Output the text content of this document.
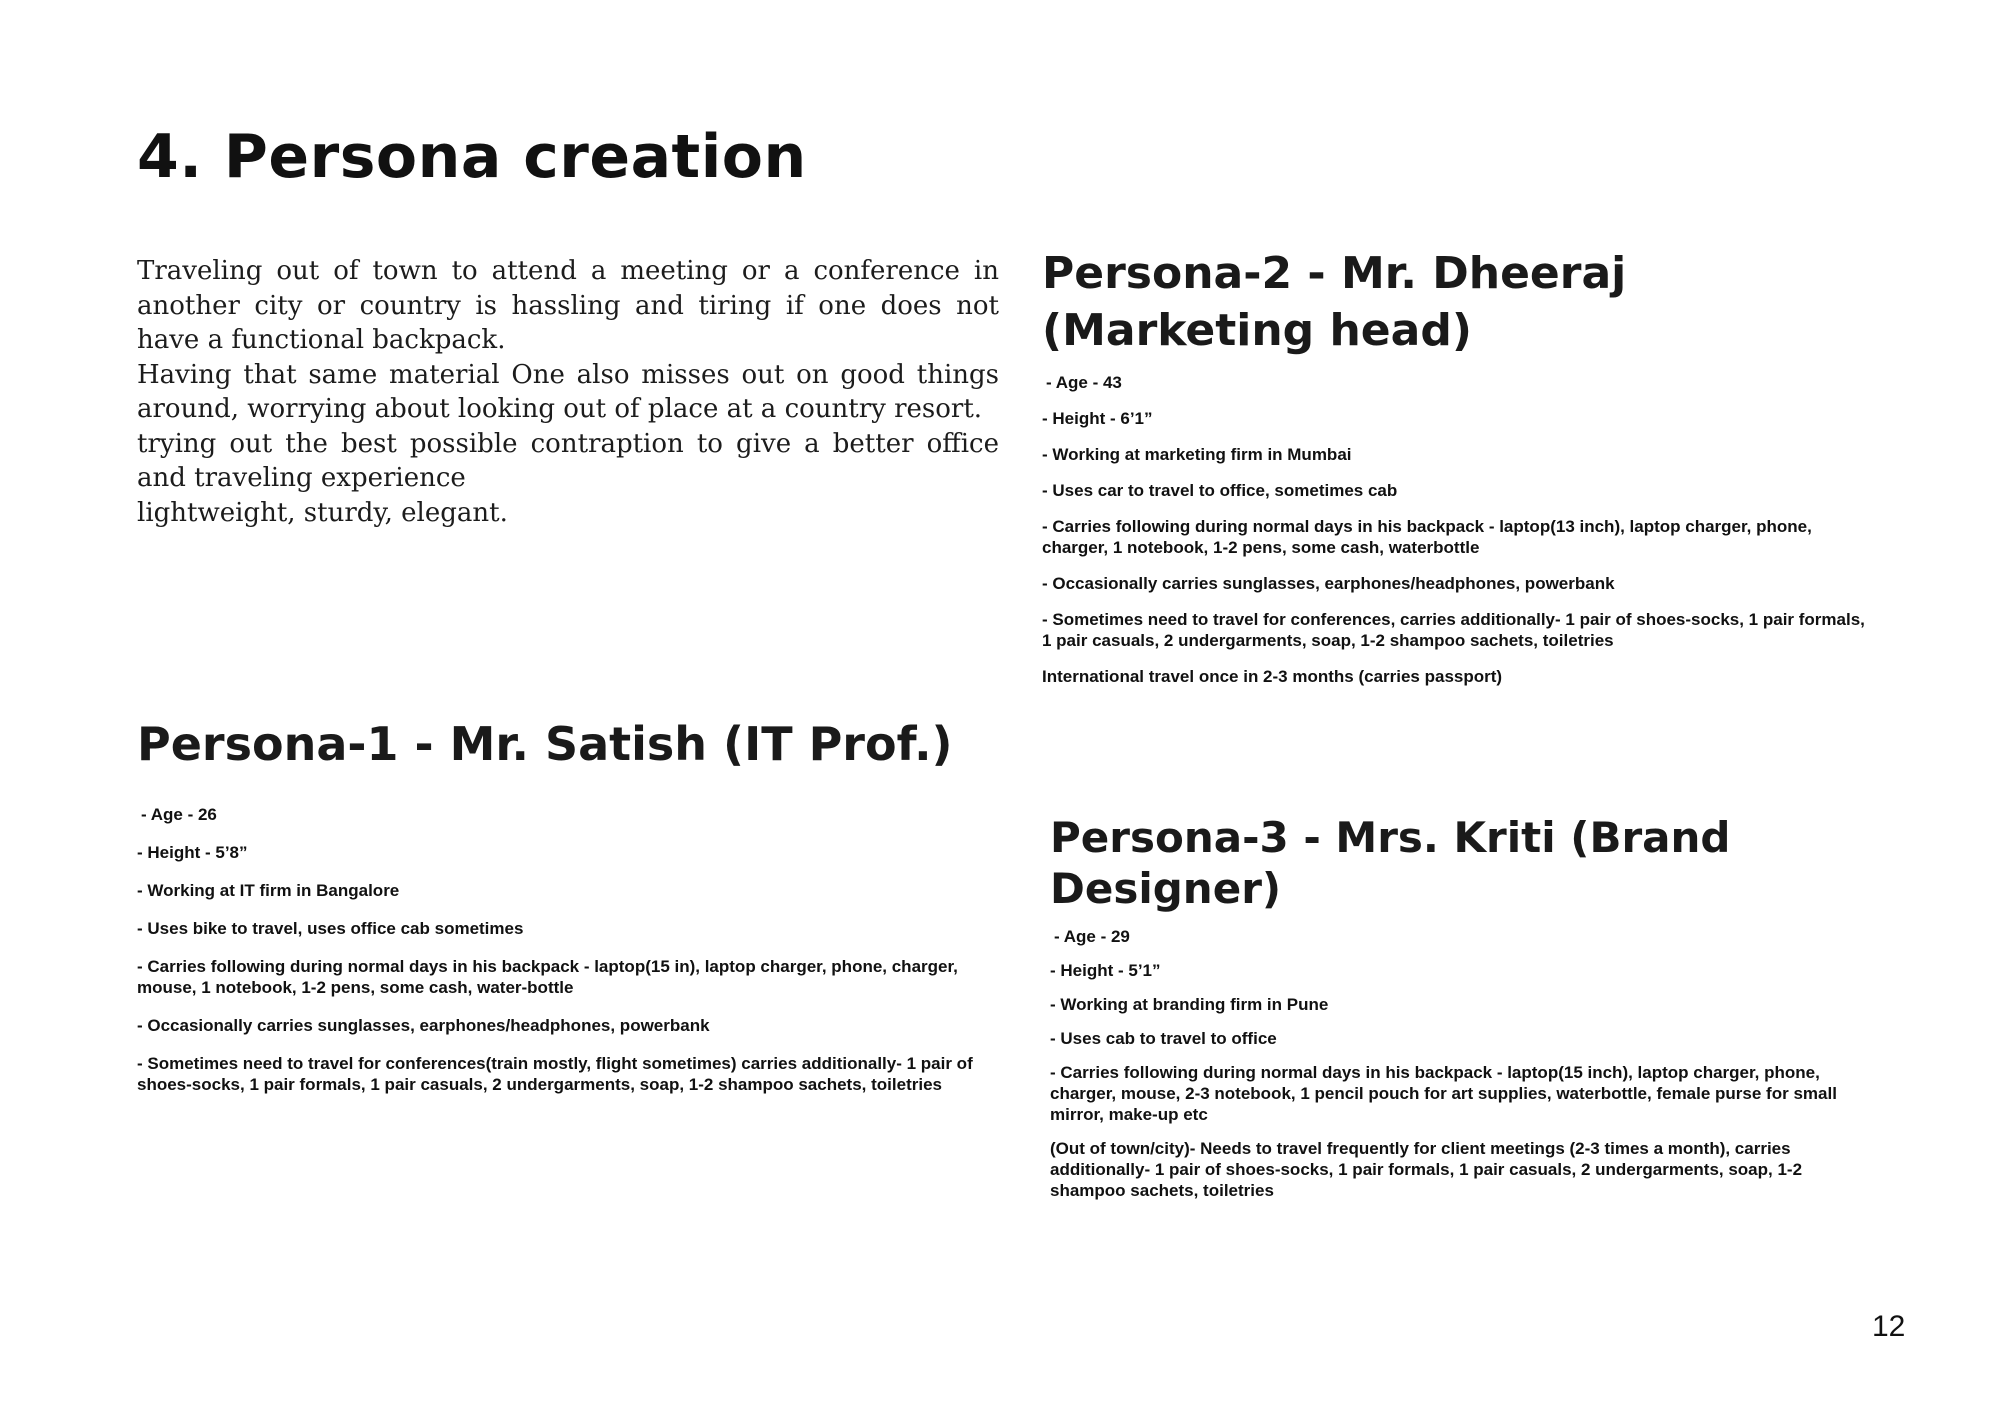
4. Persona creation

Traveling out of town to attend a meeting or a conference in another city or country is hassling and tiring if one does not have a functional backpack.

Having that same material One also misses out on good things around, worrying about looking out of place at a country resort.

trying out the best possible contraption to give a better office and traveling experience

lightweight, sturdy, elegant.

Persona-2 - Mr. Dheeraj (Marketing head)
- Age - 43
- Height - 6’1”
- Working at marketing firm in Mumbai
- Uses car to travel to office, sometimes cab
- Carries following during normal days in his backpack - laptop(13 inch), laptop charger, phone, charger, 1 notebook, 1-2 pens, some cash, waterbottle
- Occasionally carries sunglasses, earphones/headphones, powerbank
- Sometimes need to travel for conferences, carries additionally- 1 pair of shoes-socks, 1 pair formals, 1 pair casuals, 2 undergarments, soap, 1-2 shampoo sachets, toiletries
International travel once in 2-3 months (carries passport)
Persona-1 - Mr. Satish (IT Prof.)
- Age - 26
- Height - 5’8”
- Working at IT firm in Bangalore
- Uses bike to travel, uses office cab sometimes
- Carries following during normal days in his backpack - laptop(15 in), laptop charger, phone, charger, mouse, 1 notebook, 1-2 pens, some cash, water-bottle
- Occasionally carries sunglasses, earphones/headphones, powerbank
- Sometimes need to travel for conferences(train mostly, flight sometimes) carries additionally- 1 pair of shoes-socks, 1 pair formals, 1 pair casuals, 2 undergarments, soap, 1-2 shampoo sachets, toiletries
Persona-3 - Mrs. Kriti (Brand Designer)
- Age - 29
- Height - 5’1”
- Working at branding firm in Pune
- Uses cab to travel to office
- Carries following during normal days in his backpack - laptop(15 inch), laptop charger, phone, charger, mouse, 2-3 notebook, 1 pencil pouch for art supplies, waterbottle, female purse for small mirror, make-up etc
(Out of town/city)- Needs to travel frequently for client meetings (2-3 times a month), carries additionally- 1 pair of shoes-socks, 1 pair formals, 1 pair casuals, 2 undergarments, soap, 1-2 shampoo sachets, toiletries
12
